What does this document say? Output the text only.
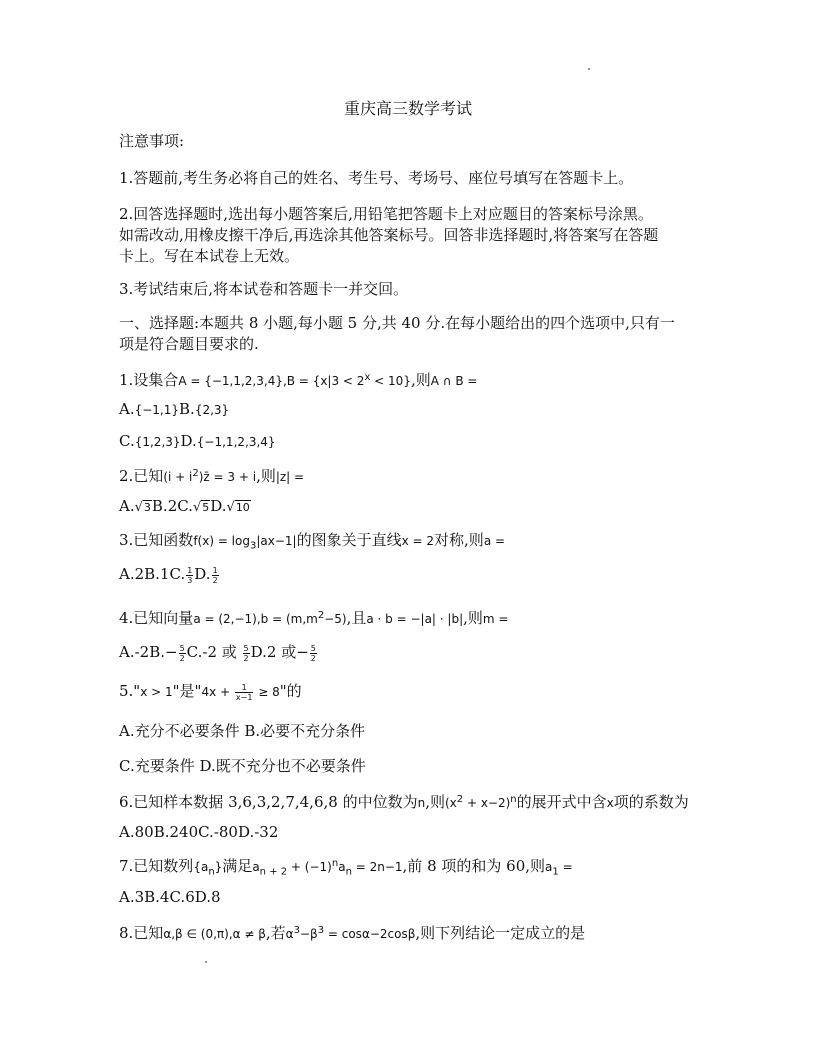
重庆高三数学考试
注意事项:
1.答题前,考生务必将自己的姓名、考生号、考场号、座位号填写在答题卡上。
2.回答选择题时,选出每小题答案后,用铅笔把答题卡上对应题目的答案标号涂黑。
如需改动,用橡皮擦干净后,再选涂其他答案标号。回答非选择题时,将答案写在答题
卡上。写在本试卷上无效。
3.考试结束后,将本试卷和答题卡一并交回。
一、选择题:本题共 8 小题,每小题 5 分,共 40 分.在每小题给出的四个选项中,只有一
项是符合题目要求的.
1.设集合$A = \{-1,1,2,3,4\},B = \{x|3 < 2^x < 10\}$,则A ∩ B =
A.{−1,1}B.{2,3}
C.{1,2,3}D.{−1,1,2,3,4}
2.已知$(i + i^2)z̄ = 3 + i$,则|z| =
A.√3B.2C.√5D.√10
3.已知函数$f(x) = \log_3|ax-1|$的图象关于直线x = 2对称,则a =
A.2B.1C. $\frac{1}{3} D$. $\frac{1}{2}$
4.已知向量$a = (2,-1),b = (m,m^2-5)$,且a · b = −|a| · |b|,则m =
$A.-2B.- \frac{5}{2} C.-2$ 或 $\frac{5}{2} D.2$ 或− $\frac{5}{2}$
5."x > 1"是"$4x + \frac{1}{x-1} \ge 8$"的
A.充分不必要条件 B.必要不充分条件
C.充要条件 D.既不充分也不必要条件
6.已知样本数据 3,6,3,2,7,4,6,8 的中位数为n,则$(x^2 + x-2)^n$的展开式中含x项的系数为
A.80B.240C.-80D.-32
7.已知数列$\{a_n\}$满足$a_{n + 2} + (-1)^na_n = 2n-1$,前 8 项的和为 60,则$a_1$ =
A.3B.4C.6D.8
8.已知α,β ∈ (0,π),α ≠ β,若$\alpha^3-\beta^3 = \cos\alpha-2\cos\beta$,则下列结论一定成立的是
